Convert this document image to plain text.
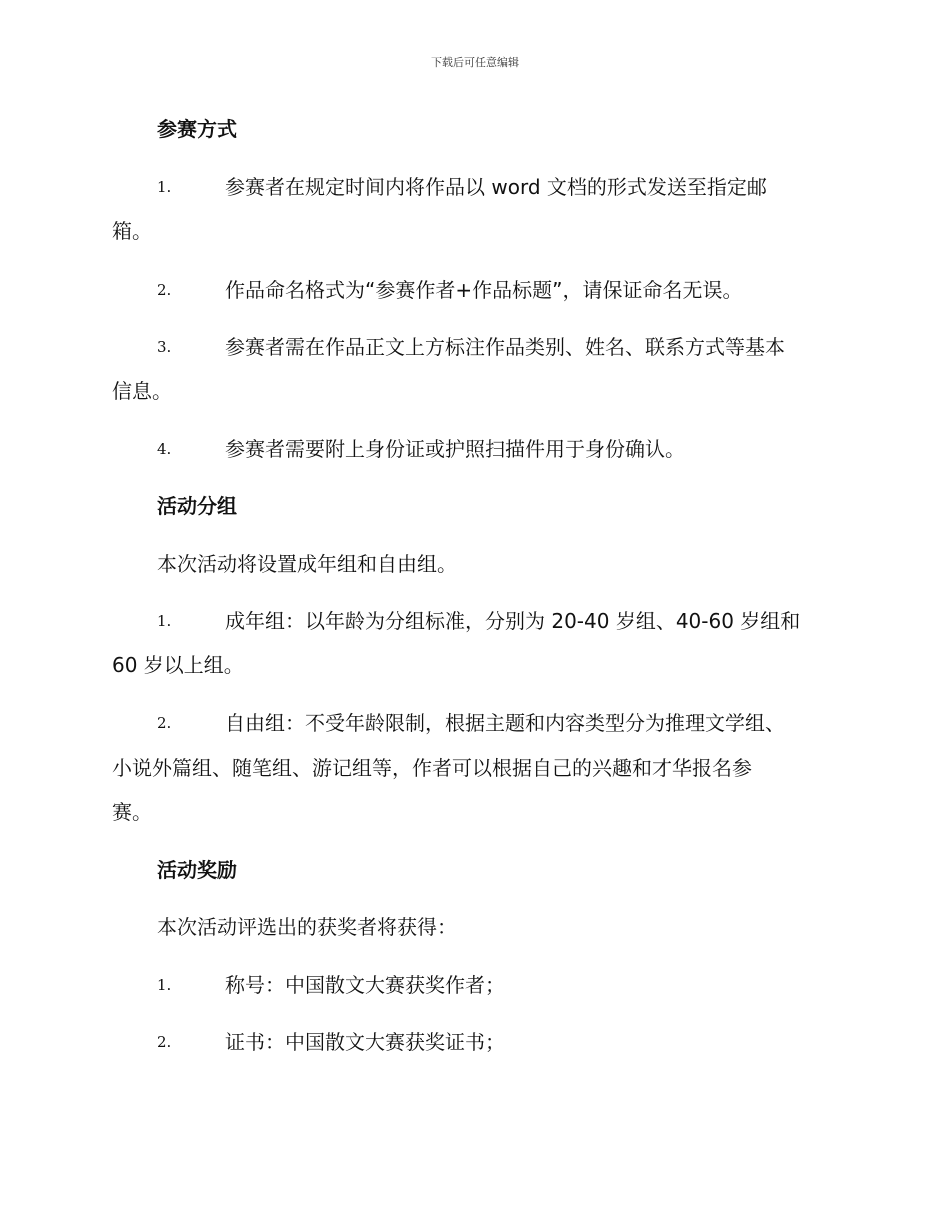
下载后可任意编辑
参赛方式
1.	参赛者在规定时间内将作品以 word 文档的形式发送至指定邮
箱。
2.	作品命名格式为“参赛作者+作品标题”，请保证命名无误。
3.	参赛者需在作品正文上方标注作品类别、姓名、联系方式等基本
信息。
4.	参赛者需要附上身份证或护照扫描件用于身份确认。
活动分组
本次活动将设置成年组和自由组。
1.	成年组：以年龄为分组标准，分别为 20-40 岁组、40-60 岁组和
60 岁以上组。
2.	自由组：不受年龄限制，根据主题和内容类型分为推理文学组、
小说外篇组、随笔组、游记组等，作者可以根据自己的兴趣和才华报名参
赛。
活动奖励
本次活动评选出的获奖者将获得：
1.	称号：中国散文大赛获奖作者；
2.	证书：中国散文大赛获奖证书；
